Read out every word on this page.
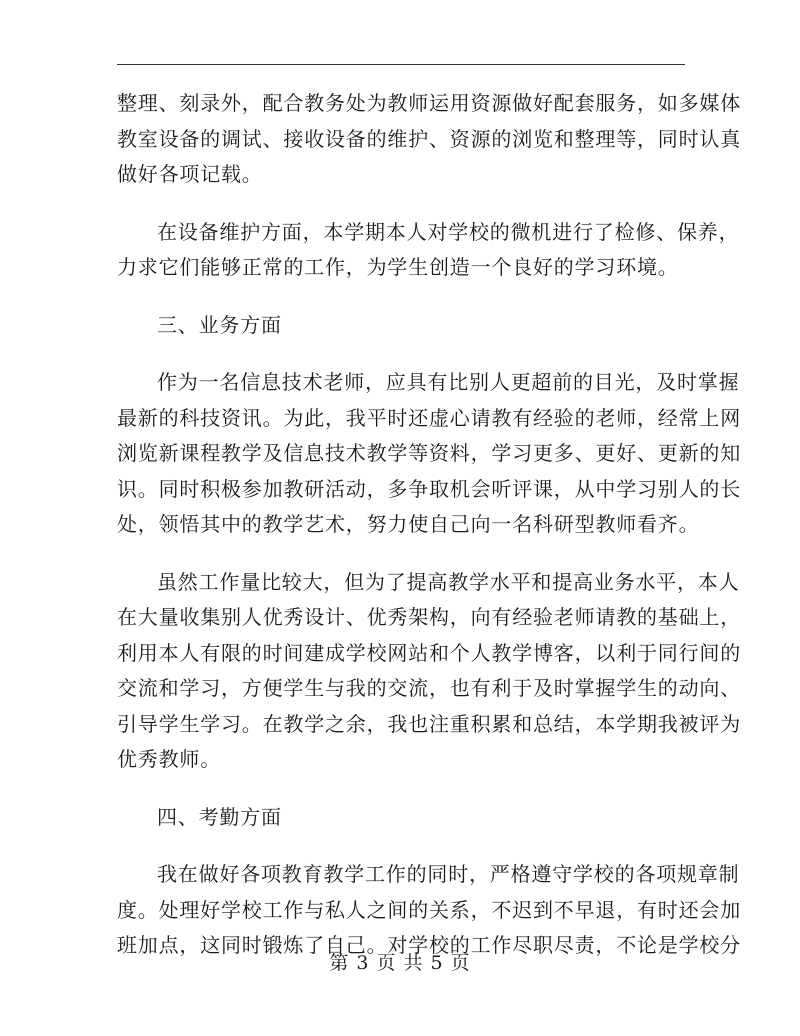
整理、刻录外，配合教务处为教师运用资源做好配套服务，如多媒体
教室设备的调试、接收设备的维护、资源的浏览和整理等，同时认真
做好各项记载。

在设备维护方面，本学期本人对学校的微机进行了检修、保养，
力求它们能够正常的工作，为学生创造一个良好的学习环境。

三、业务方面

作为一名信息技术老师，应具有比别人更超前的目光，及时掌握
最新的科技资讯。为此，我平时还虚心请教有经验的老师，经常上网
浏览新课程教学及信息技术教学等资料，学习更多、更好、更新的知
识。同时积极参加教研活动，多争取机会听评课，从中学习别人的长
处，领悟其中的教学艺术，努力使自己向一名科研型教师看齐。

虽然工作量比较大，但为了提高教学水平和提高业务水平，本人
在大量收集别人优秀设计、优秀架构，向有经验老师请教的基础上，
利用本人有限的时间建成学校网站和个人教学博客，以利于同行间的
交流和学习，方便学生与我的交流，也有利于及时掌握学生的动向、
引导学生学习。在教学之余，我也注重积累和总结，本学期我被评为
优秀教师。

四、考勤方面

我在做好各项教育教学工作的同时，严格遵守学校的各项规章制
度。处理好学校工作与私人之间的关系，不迟到不早退，有时还会加
班加点，这同时锻炼了自己。对学校的工作尽职尽责，不论是学校分

第 3 页 共 5 页
